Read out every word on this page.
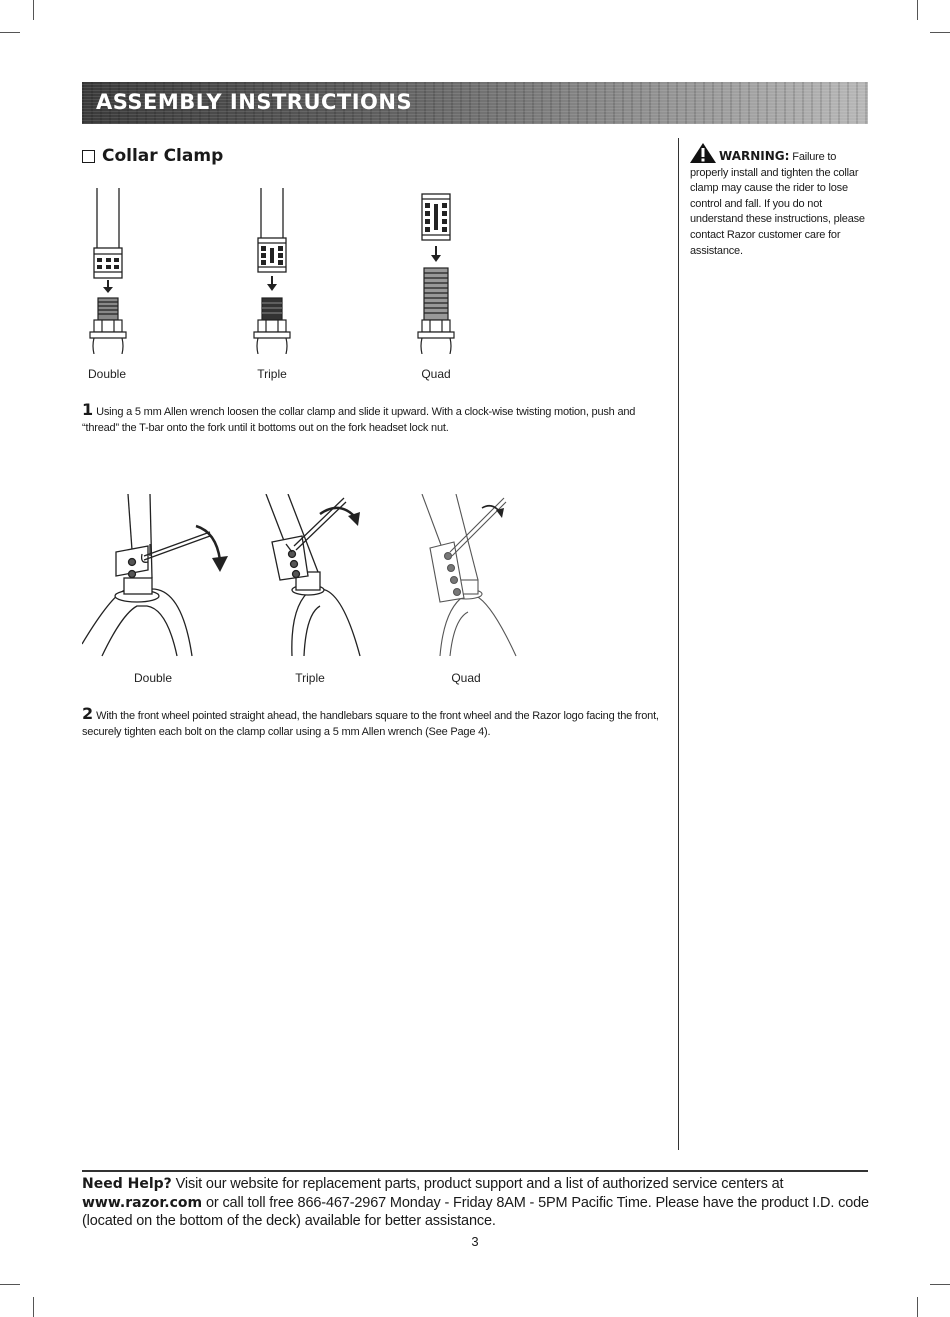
ASSEMBLY INSTRUCTIONS
Collar Clamp
Double	Triple	Quad

1 Using a 5 mm Allen wrench loosen the collar clamp and slide it upward. With a clock-wise twisting motion, push and “thread” the T-bar onto the fork until it bottoms out on the fork headset lock nut.

Double	Triple	Quad

2 With the front wheel pointed straight ahead, the handlebars square to the front wheel and the Razor logo facing the front, securely tighten each bolt on the clamp collar using a 5 mm Allen wrench (See Page 4).

WARNING: Failure to properly install and tighten the collar clamp may cause the rider to lose control and fall. If you do not understand these instructions, please contact Razor customer care for assistance.

Need Help? Visit our website for replacement parts, product support and a list of authorized service centers at www.razor.com or call toll free 866-467-2967 Monday - Friday 8AM - 5PM Pacific Time. Please have the product I.D. code (located on the bottom of the deck) available for better assistance.

3
